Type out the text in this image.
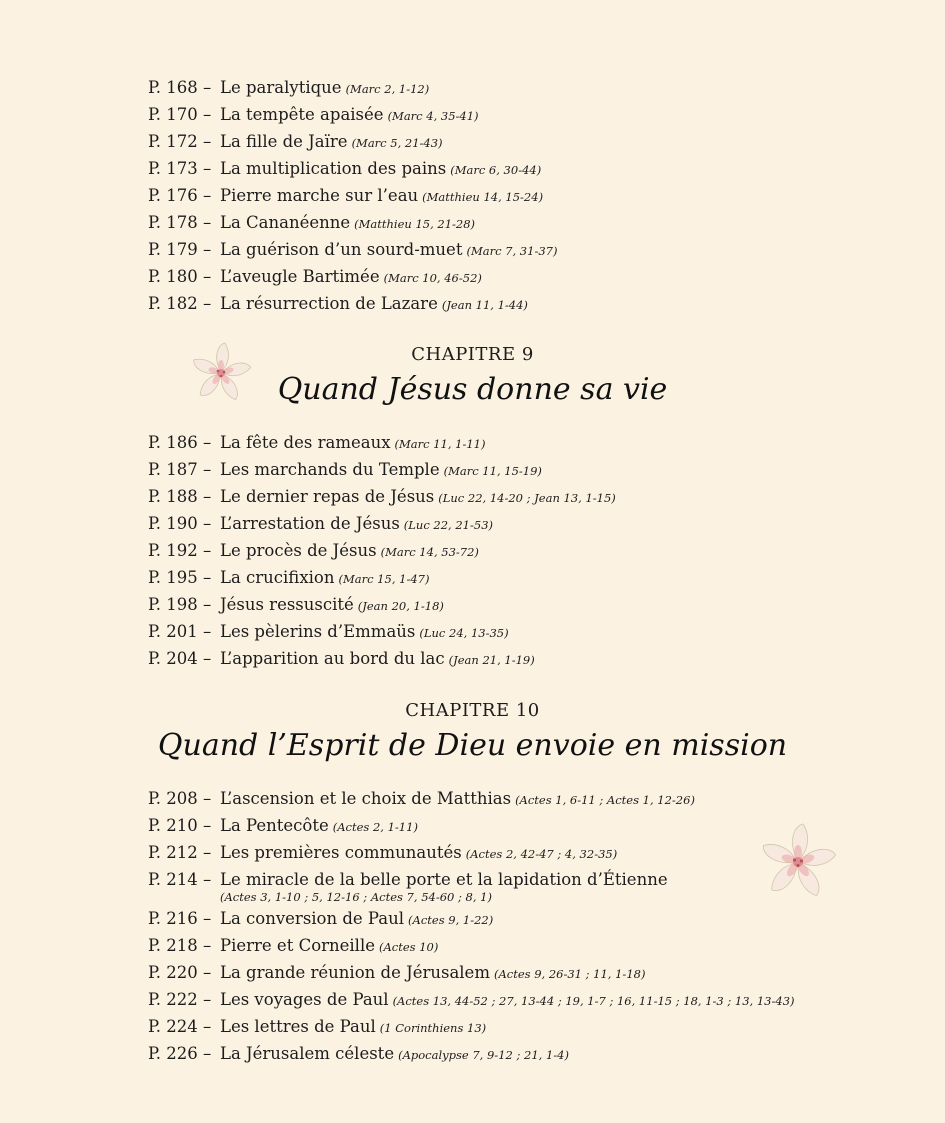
P. 168 – Le paralytique (Marc 2, 1-12)
P. 170 – La tempête apaisée (Marc 4, 35-41)
P. 172 – La fille de Jaïre (Marc 5, 21-43)
P. 173 – La multiplication des pains (Marc 6, 30-44)
P. 176 – Pierre marche sur l’eau (Matthieu 14, 15-24)
P. 178 – La Cananéenne (Matthieu 15, 21-28)
P. 179 – La guérison d’un sourd-muet (Marc 7, 31-37)
P. 180 – L’aveugle Bartimée (Marc 10, 46-52)
P. 182 – La résurrection de Lazare (Jean 11, 1-44)
CHAPITRE 9
Quand Jésus donne sa vie
P. 186 – La fête des rameaux (Marc 11, 1-11)
P. 187 – Les marchands du Temple (Marc 11, 15-19)
P. 188 – Le dernier repas de Jésus (Luc 22, 14-20 ; Jean 13, 1-15)
P. 190 – L’arrestation de Jésus (Luc 22, 21-53)
P. 192 – Le procès de Jésus (Marc 14, 53-72)
P. 195 – La crucifixion (Marc 15, 1-47)
P. 198 – Jésus ressuscité (Jean 20, 1-18)
P. 201 – Les pèlerins d’Emmaüs (Luc 24, 13-35)
P. 204 – L’apparition au bord du lac (Jean 21, 1-19)
CHAPITRE 10
Quand l’Esprit de Dieu envoie en mission
P. 208 – L’ascension et le choix de Matthias (Actes 1, 6-11 ; Actes 1, 12-26)
P. 210 – La Pentecôte (Actes 2, 1-11)
P. 212 – Les premières communautés (Actes 2, 42-47 ; 4, 32-35)
P. 214 – Le miracle de la belle porte et la lapidation d’Étienne
(Actes 3, 1-10 ; 5, 12-16 ; Actes 7, 54-60 ; 8, 1)
P. 216 – La conversion de Paul (Actes 9, 1-22)
P. 218 – Pierre et Corneille (Actes 10)
P. 220 – La grande réunion de Jérusalem (Actes 9, 26-31 ; 11, 1-18)
P. 222 – Les voyages de Paul (Actes 13, 44-52 ; 27, 13-44 ; 19, 1-7 ; 16, 11-15 ; 18, 1-3 ; 13, 13-43)
P. 224 – Les lettres de Paul (1 Corinthiens 13)
P. 226 – La Jérusalem céleste (Apocalypse 7, 9-12 ; 21, 1-4)
